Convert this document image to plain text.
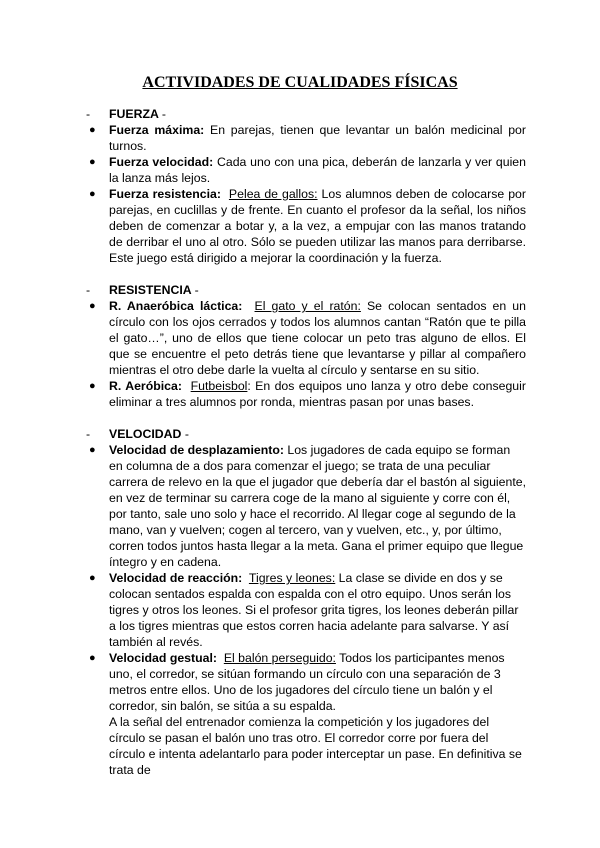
ACTIVIDADES DE CUALIDADES FÍSICAS
- FUERZA -
● Fuerza máxima: En parejas, tienen que levantar un balón medicinal por turnos.
● Fuerza velocidad: Cada uno con una pica, deberán de lanzarla y ver quien la lanza más lejos.
● Fuerza resistencia: Pelea de gallos: Los alumnos deben de colocarse por parejas, en cuclillas y de frente. En cuanto el profesor da la señal, los niños deben de comenzar a botar y, a la vez, a empujar con las manos tratando de derribar el uno al otro. Sólo se pueden utilizar las manos para derribarse. Este juego está dirigido a mejorar la coordinación y la fuerza.
- RESISTENCIA -
● R. Anaeróbica láctica: El gato y el ratón: Se colocan sentados en un círculo con los ojos cerrados y todos los alumnos cantan “Ratón que te pilla el gato…”, uno de ellos que tiene colocar un peto tras alguno de ellos. El que se encuentre el peto detrás tiene que levantarse y pillar al compañero mientras el otro debe darle la vuelta al círculo y sentarse en su sitio.
● R. Aeróbica: Futbeisbol: En dos equipos uno lanza y otro debe conseguir eliminar a tres alumnos por ronda, mientras pasan por unas bases.
- VELOCIDAD -
● Velocidad de desplazamiento: Los jugadores de cada equipo se forman en columna de a dos para comenzar el juego; se trata de una peculiar carrera de relevo en la que el jugador que debería dar el bastón al siguiente, en vez de terminar su carrera coge de la mano al siguiente y corre con él, por tanto, sale uno solo y hace el recorrido. Al llegar coge al segundo de la mano, van y vuelven; cogen al tercero, van y vuelven, etc., y, por último, corren todos juntos hasta llegar a la meta. Gana el primer equipo que llegue íntegro y en cadena.
● Velocidad de reacción: Tigres y leones: La clase se divide en dos y se colocan sentados espalda con espalda con el otro equipo. Unos serán los tigres y otros los leones. Si el profesor grita tigres, los leones deberán pillar a los tigres mientras que estos corren hacia adelante para salvarse. Y así también al revés.
● Velocidad gestual: El balón perseguido: Todos los participantes menos uno, el corredor, se sitúan formando un círculo con una separación de 3 metros entre ellos. Uno de los jugadores del círculo tiene un balón y el corredor, sin balón, se sitúa a su espalda.
A la señal del entrenador comienza la competición y los jugadores del círculo se pasan el balón uno tras otro. El corredor corre por fuera del círculo e intenta adelantarlo para poder interceptar un pase. En definitiva se trata de
